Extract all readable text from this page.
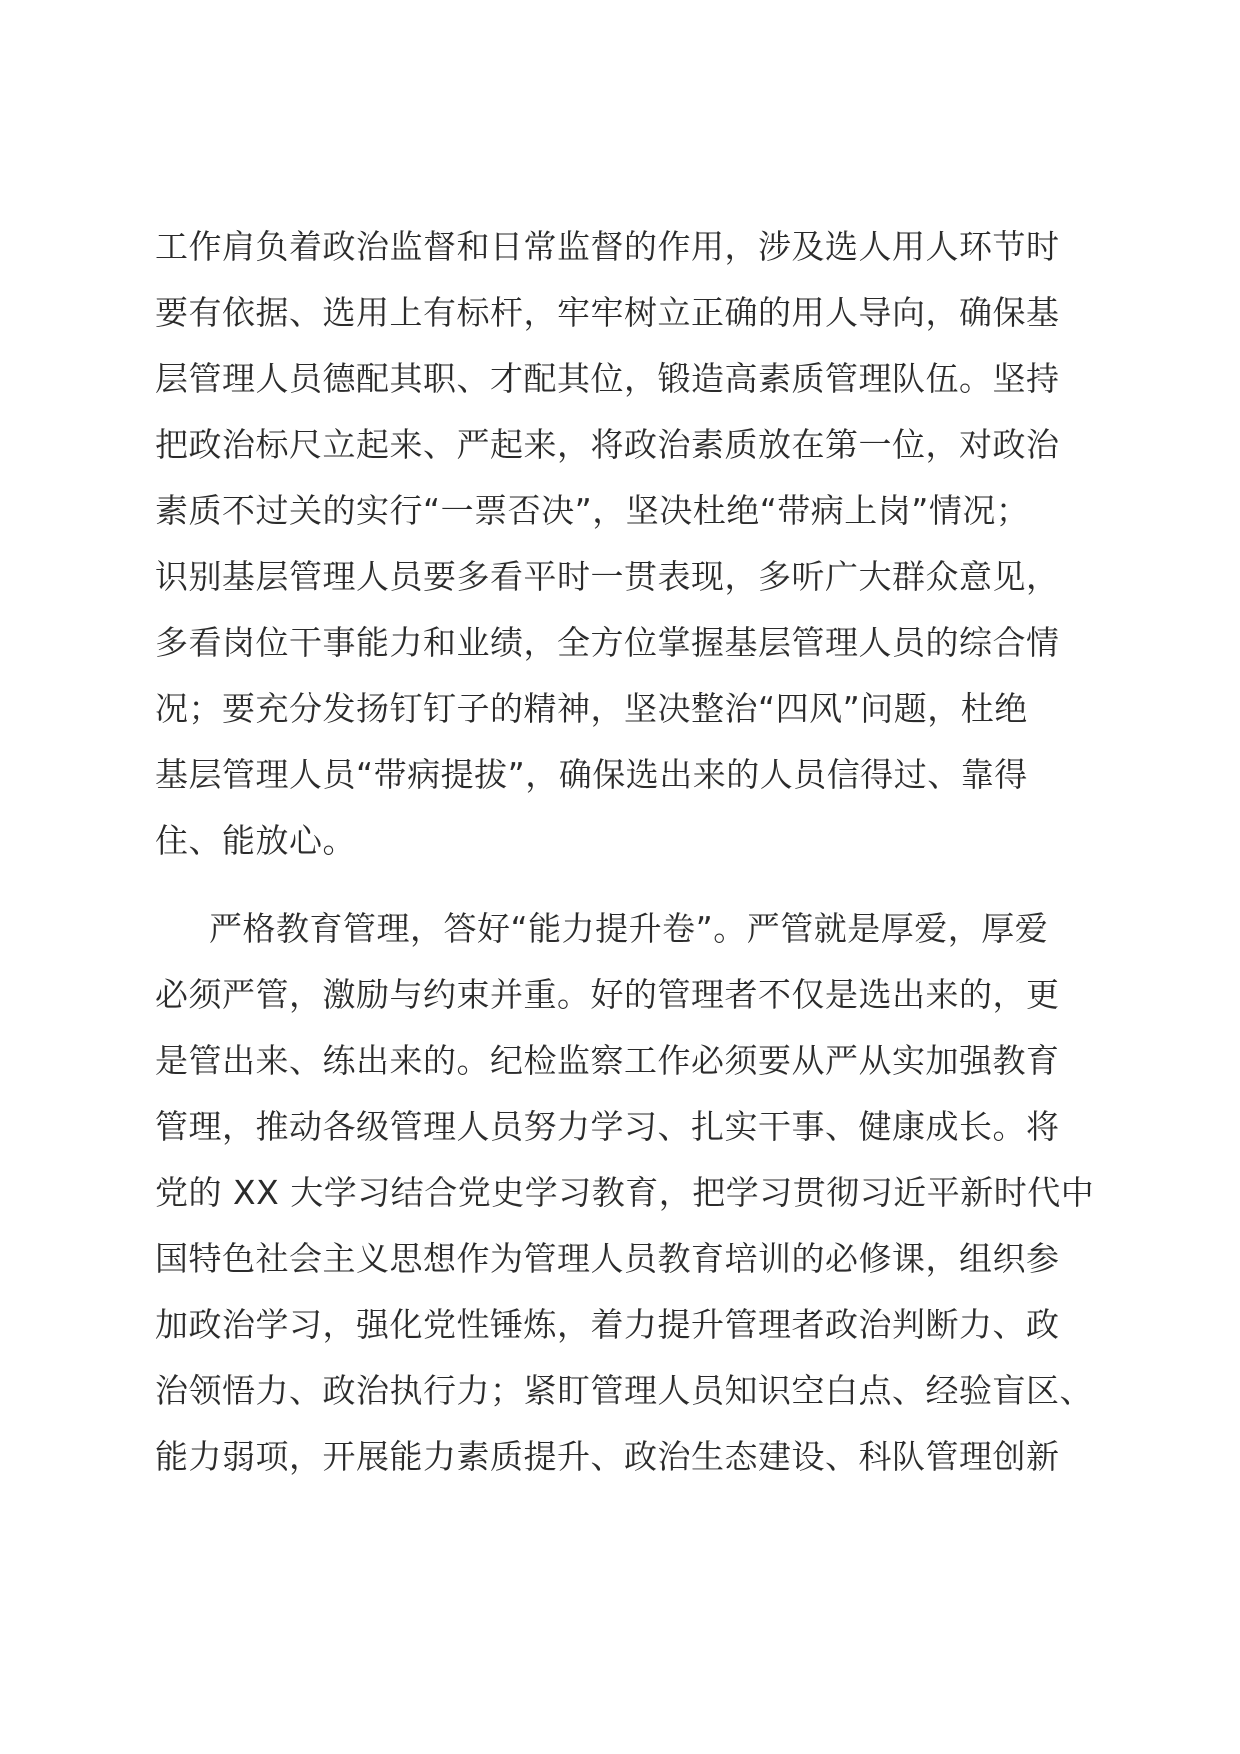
工作肩负着政治监督和日常监督的作用，涉及选人用人环节时
要有依据、选用上有标杆，牢牢树立正确的用人导向，确保基
层管理人员德配其职、才配其位，锻造高素质管理队伍。坚持
把政治标尺立起来、严起来，将政治素质放在第一位，对政治
素质不过关的实行“一票否决”，坚决杜绝“带病上岗”情况；
识别基层管理人员要多看平时一贯表现，多听广大群众意见，
多看岗位干事能力和业绩，全方位掌握基层管理人员的综合情
况；要充分发扬钉钉子的精神，坚决整治“四风”问题，杜绝
基层管理人员“带病提拔”，确保选出来的人员信得过、靠得
住、能放心。
严格教育管理，答好“能力提升卷”。严管就是厚爱，厚爱
必须严管，激励与约束并重。好的管理者不仅是选出来的，更
是管出来、练出来的。纪检监察工作必须要从严从实加强教育
管理，推动各级管理人员努力学习、扎实干事、健康成长。将
党的 XX 大学习结合党史学习教育，把学习贯彻习近平新时代中
国特色社会主义思想作为管理人员教育培训的必修课，组织参
加政治学习，强化党性锤炼，着力提升管理者政治判断力、政
治领悟力、政治执行力；紧盯管理人员知识空白点、经验盲区、
能力弱项，开展能力素质提升、政治生态建设、科队管理创新
